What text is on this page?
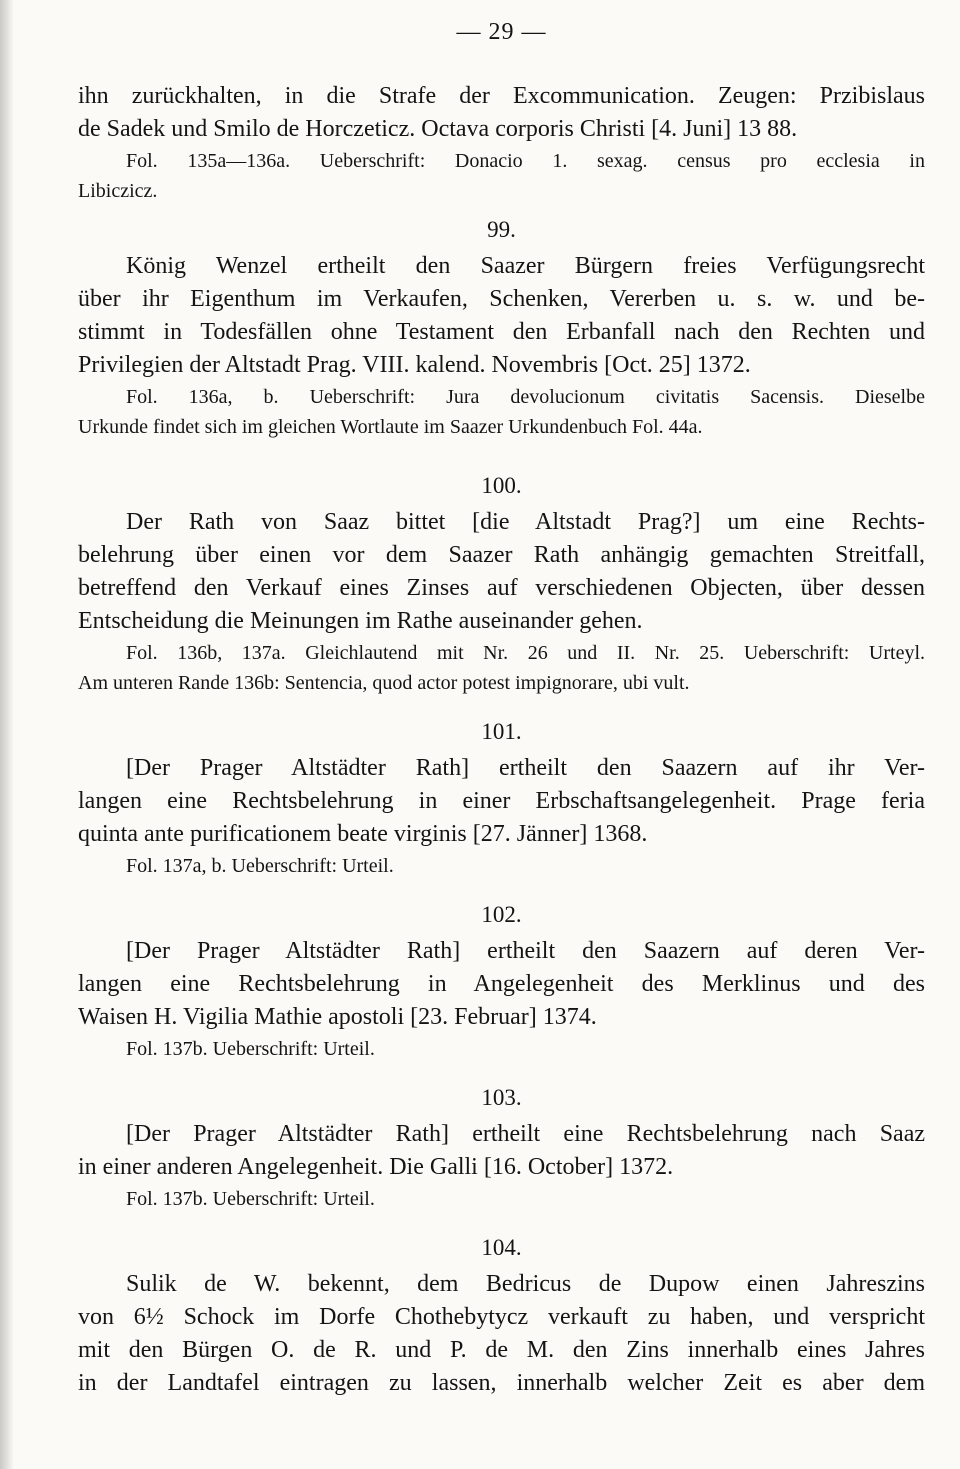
— 29 —
ihn zurückhalten, in die Strafe der Excommunication. Zeugen: Przibislaus
de Sadek und Smilo de Horczeticz. Octava corporis Christi [4. Juni] 13 88.
Fol. 135a—136a. Ueberschrift: Donacio 1. sexag. census pro ecclesia in
Libiczicz.
99.
König Wenzel ertheilt den Saazer Bürgern freies Verfügungsrecht
über ihr Eigenthum im Verkaufen, Schenken, Vererben u. s. w. und be-
stimmt in Todesfällen ohne Testament den Erbanfall nach den Rechten und
Privilegien der Altstadt Prag. VIII. kalend. Novembris [Oct. 25] 1372.
Fol. 136a, b. Ueberschrift: Jura devolucionum civitatis Sacensis. Dieselbe
Urkunde findet sich im gleichen Wortlaute im Saazer Urkundenbuch Fol. 44a.
100.
Der Rath von Saaz bittet [die Altstadt Prag?] um eine Rechts-
belehrung über einen vor dem Saazer Rath anhängig gemachten Streitfall,
betreffend den Verkauf eines Zinses auf verschiedenen Objecten, über dessen
Entscheidung die Meinungen im Rathe auseinander gehen.
Fol. 136b, 137a. Gleichlautend mit Nr. 26 und II. Nr. 25. Ueberschrift: Urteyl.
Am unteren Rande 136b: Sentencia, quod actor potest impignorare, ubi vult.
101.
[Der Prager Altstädter Rath] ertheilt den Saazern auf ihr Ver-
langen eine Rechtsbelehrung in einer Erbschaftsangelegenheit. Prage feria
quinta ante purificationem beate virginis [27. Jänner] 1368.
Fol. 137a, b. Ueberschrift: Urteil.
102.
[Der Prager Altstädter Rath] ertheilt den Saazern auf deren Ver-
langen eine Rechtsbelehrung in Angelegenheit des Merklinus und des
Waisen H. Vigilia Mathie apostoli [23. Februar] 1374.
Fol. 137b. Ueberschrift: Urteil.
103.
[Der Prager Altstädter Rath] ertheilt eine Rechtsbelehrung nach Saaz
in einer anderen Angelegenheit. Die Galli [16. October] 1372.
Fol. 137b. Ueberschrift: Urteil.
104.
Sulik de W. bekennt, dem Bedricus de Dupow einen Jahreszins
von 6½ Schock im Dorfe Chothebytycz verkauft zu haben, und verspricht
mit den Bürgen O. de R. und P. de M. den Zins innerhalb eines Jahres
in der Landtafel eintragen zu lassen, innerhalb welcher Zeit es aber dem
